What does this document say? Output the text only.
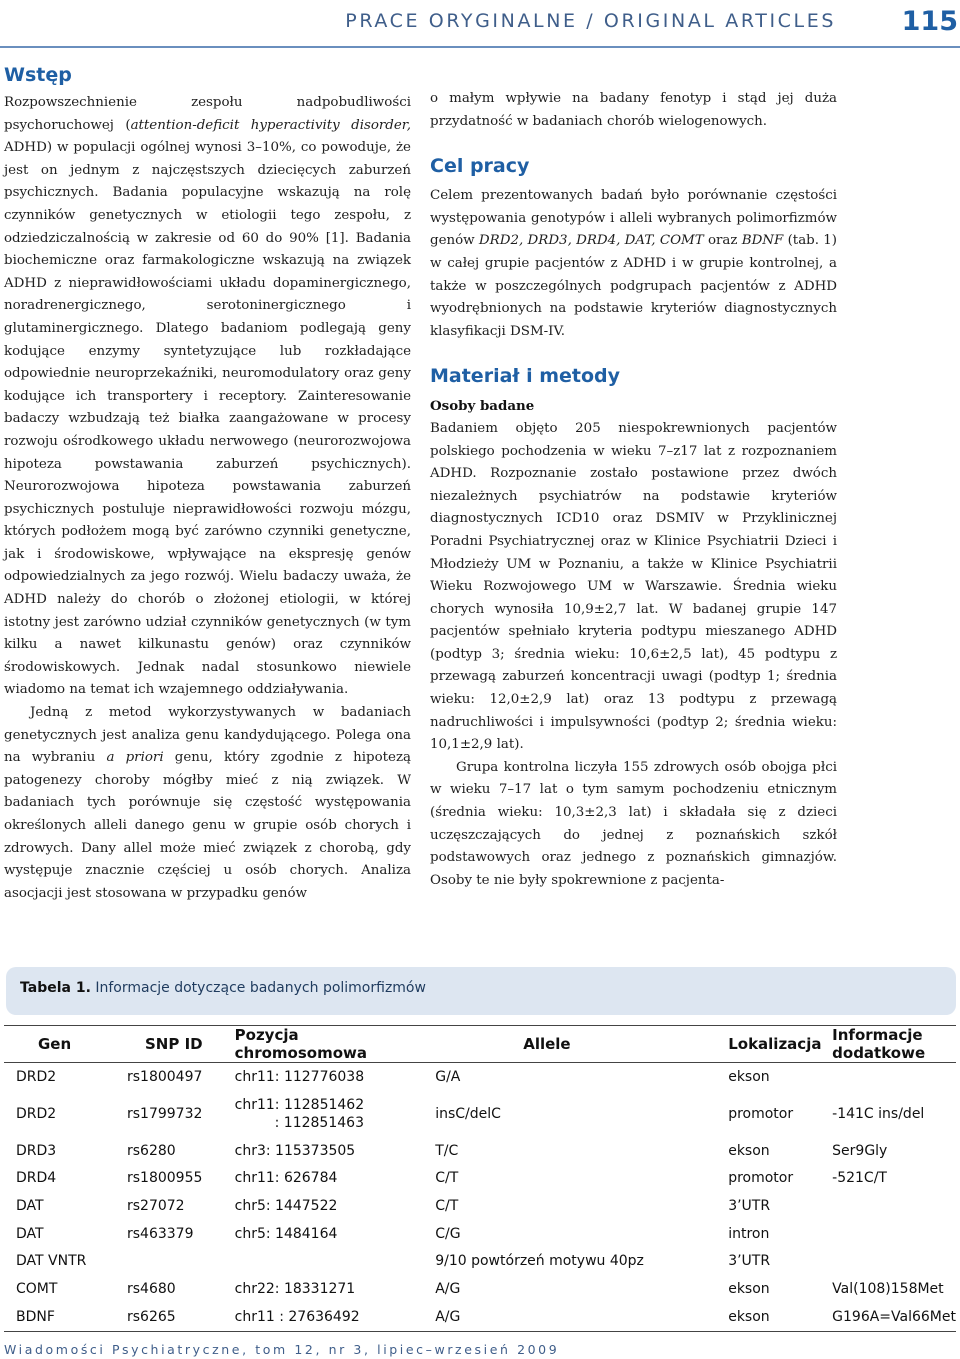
PRACE ORYGINALNE / ORIGINAL ARTICLES 115
Wstęp

Rozpowszechnienie zespołu nadpobudliwości psychoruchowej (attention-deficit hyperactivity disorder, ADHD) w populacji ogólnej wynosi 3–10%, co powoduje, że jest on jednym z najczęstszych dziecięcych zaburzeń psychicznych. Badania populacyjne wskazują na rolę czynników genetycznych w etiologii tego zespołu, z odziedziczalnością w zakresie od 60 do 90% [1]. Badania biochemiczne oraz farmakologiczne wskazują na związek ADHD z nieprawidłowościami układu dopaminergicznego, noradrenergicznego, serotoninergicznego i glutaminergicznego. Dlatego badaniom podlegają geny kodujące enzymy syntetyzujące lub rozkładające odpowiednie neuroprzekaźniki, neuromodulatory oraz geny kodujące ich transportery i receptory. Zainteresowanie badaczy wzbudzają też białka zaangażowane w procesy rozwoju ośrodkowego układu nerwowego (neurorozwojowa hipoteza powstawania zaburzeń psychicznych). Neurorozwojowa hipoteza powstawania zaburzeń psychicznych postuluje nieprawidłowości rozwoju mózgu, których podłożem mogą być zarówno czynniki genetyczne, jak i środowiskowe, wpływające na ekspresję genów odpowiedzialnych za jego rozwój. Wielu badaczy uważa, że ADHD należy do chorób o złożonej etiologii, w której istotny jest zarówno udział czynników genetycznych (w tym kilku a nawet kilkunastu genów) oraz czynników środowiskowych. Jednak nadal stosunkowo niewiele wiadomo na temat ich wzajemnego oddziaływania.

Jedną z metod wykorzystywanych w badaniach genetycznych jest analiza genu kandydującego. Polega ona na wybraniu a priori genu, który zgodnie z hipotezą patogenezy choroby mógłby mieć z nią związek. W badaniach tych porównuje się częstość występowania określonych alleli danego genu w grupie osób chorych i zdrowych. Dany allel może mieć związek z chorobą, gdy występuje znacznie częściej u osób chorych. Analiza asocjacji jest stosowana w przypadku genów

o małym wpływie na badany fenotyp i stąd jej duża przydatność w badaniach chorób wielogenowych.

Cel pracy

Celem prezentowanych badań było porównanie częstości występowania genotypów i alleli wybranych polimorfizmów genów DRD2, DRD3, DRD4, DAT, COMT oraz BDNF (tab. 1) w całej grupie pacjentów z ADHD i w grupie kontrolnej, a także w poszczególnych podgrupach pacjentów z ADHD wyodrębnionych na podstawie kryteriów diagnostycznych klasyfikacji DSM-IV.

Materiał i metody
Osoby badane

Badaniem objęto 205 niespokrewnionych pacjentów polskiego pochodzenia w wieku 7–z17 lat z rozpoznaniem ADHD. Rozpoznanie zostało postawione przez dwóch niezależnych psychiatrów na podstawie kryteriów diagnostycznych ICD10 oraz DSMIV w Przyklinicznej Poradni Psychiatrycznej oraz w Klinice Psychiatrii Dzieci i Młodzieży UM w Poznaniu, a także w Klinice Psychiatrii Wieku Rozwojowego UM w Warszawie. Średnia wieku chorych wynosiła 10,9±2,7 lat. W badanej grupie 147 pacjentów spełniało kryteria podtypu mieszanego ADHD (podtyp 3; średnia wieku: 10,6±2,5 lat), 45 podtypu z przewagą zaburzeń koncentracji uwagi (podtyp 1; średnia wieku: 12,0±2,9 lat) oraz 13 podtypu z przewagą nadruchliwości i impulsywności (podtyp 2; średnia wieku: 10,1±2,9 lat).

Grupa kontrolna liczyła 155 zdrowych osób obojga płci w wieku 7–17 lat o tym samym pochodzeniu etnicznym (średnia wieku: 10,3±2,3 lat) i składała się z dzieci uczęszczających do jednej z poznańskich szkół podstawowych oraz jednego z poznańskich gimnazjów. Osoby te nie były spokrewnione z pacjenta-

Tabela 1. Informacje dotyczące badanych polimorfizmów
Gen	SNP ID	Pozycja chromosomowa	Allele	Lokalizacja	Informacje dodatkowe
DRD2	rs1800497	chr11: 112776038	G/A	ekson	
DRD2	rs1799732	chr11: 112851462
: 112851463	insC/delC	promotor	-141C ins/del
DRD3	rs6280	chr3: 115373505	T/C	ekson	Ser9Gly
DRD4	rs1800955	chr11: 626784	C/T	promotor	-521C/T
DAT	rs27072	chr5: 1447522	C/T	3’UTR	
DAT	rs463379	chr5: 1484164	C/G	intron	
DAT VNTR			9/10 powtórzeń motywu 40pz	3’UTR	
COMT	rs4680	chr22: 18331271	A/G	ekson	Val(108)158Met
BDNF	rs6265	chr11 : 27636492	A/G	ekson	G196A=Val66Met
Wiadomości Psychiatryczne, tom 12, nr 3, lipiec–wrzesień 2009
